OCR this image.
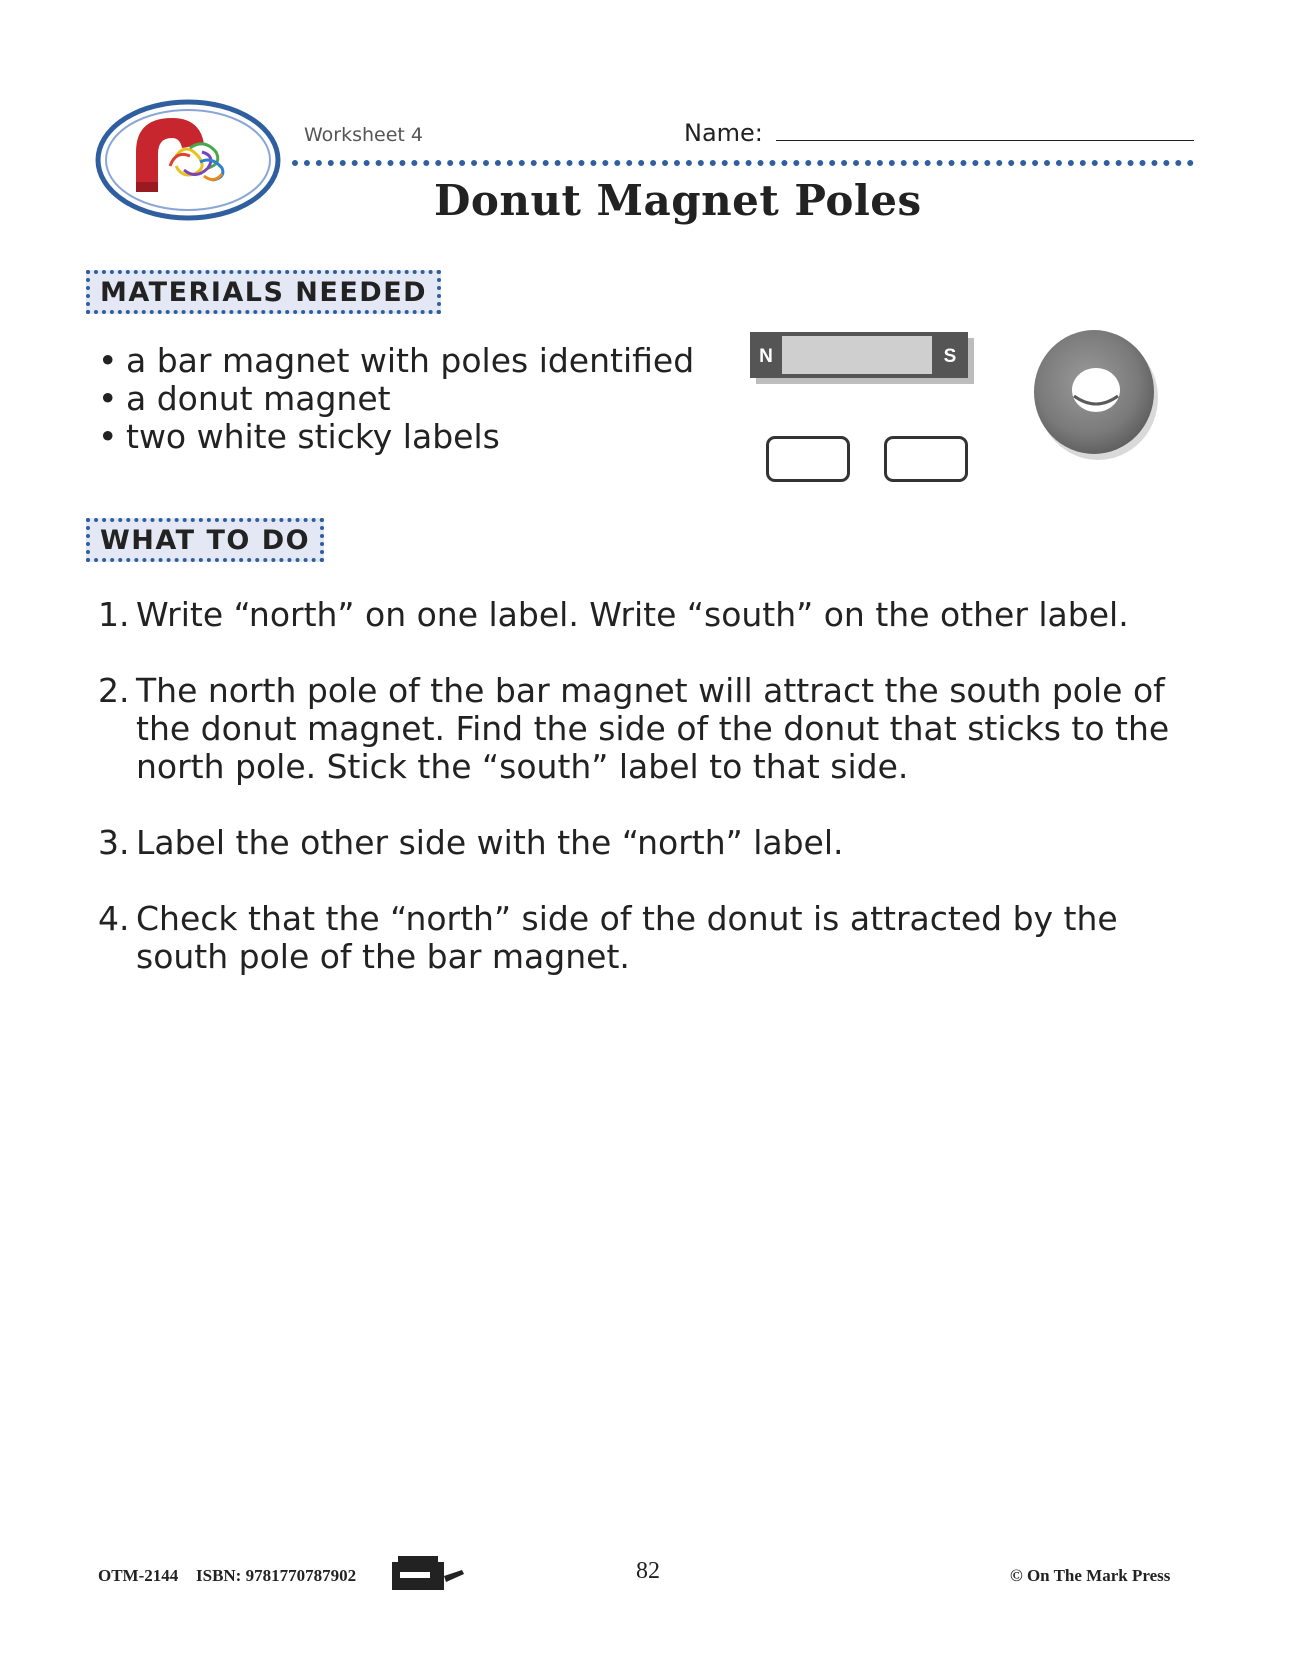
Worksheet 4	Name:
Donut Magnet Poles
MATERIALS NEEDED
• a bar magnet with poles identified
• a donut magnet
• two white sticky labels
N	S
WHAT TO DO
1. Write “north” on one label. Write “south” on the other label.
2. The north pole of the bar magnet will attract the south pole of
the donut magnet. Find the side of the donut that sticks to the
north pole. Stick the “south” label to that side.
3. Label the other side with the “north” label.
4. Check that the “north” side of the donut is attracted by the
south pole of the bar magnet.
OTM-2144 ISBN: 9781770787902	82	© On The Mark Press
